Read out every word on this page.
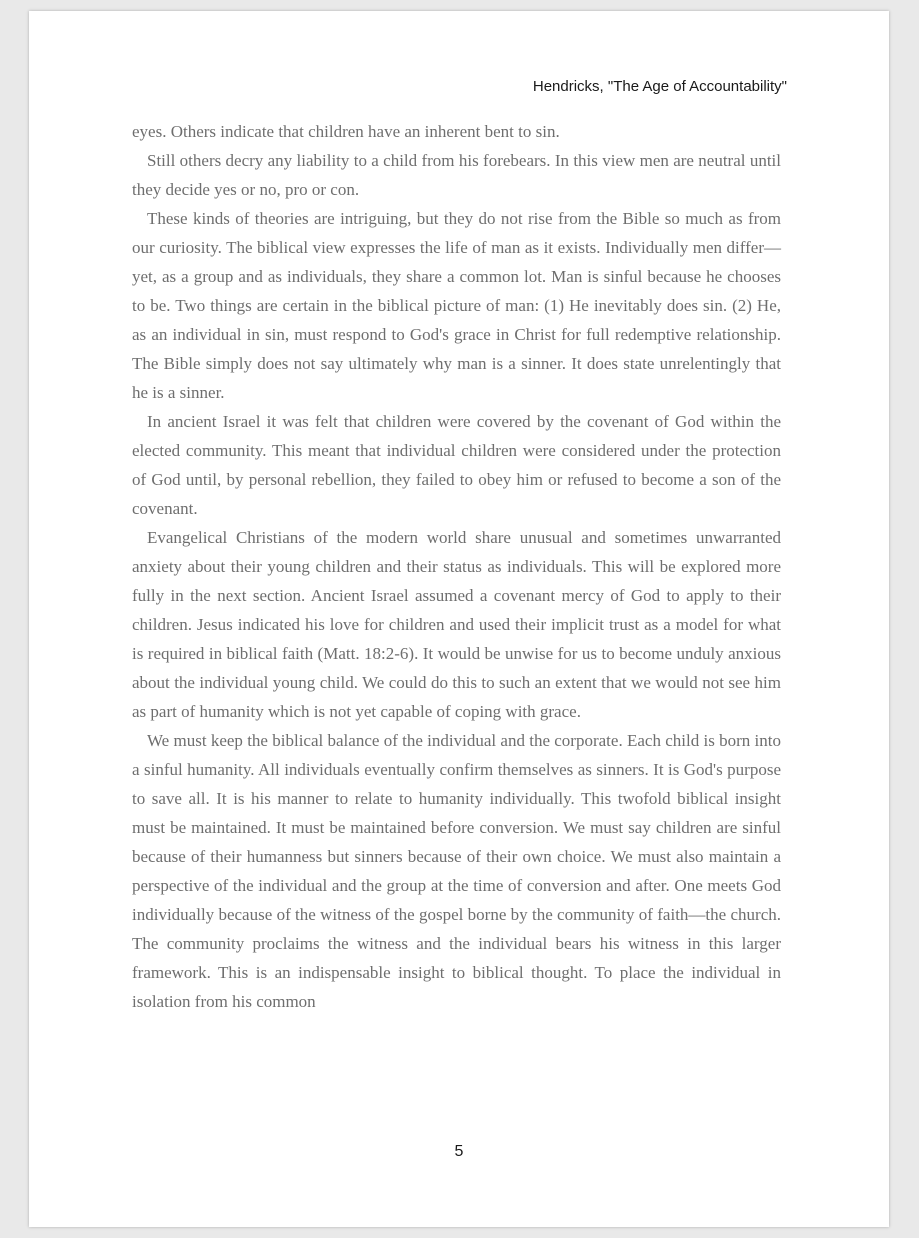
Hendricks, "The Age of Accountability"

eyes. Others indicate that children have an inherent bent to sin.

Still others decry any liability to a child from his forebears. In this view men are neutral until they decide yes or no, pro or con.

These kinds of theories are intriguing, but they do not rise from the Bible so much as from our curiosity. The biblical view expresses the life of man as it exists. Individually men differ—yet, as a group and as individuals, they share a common lot. Man is sinful because he chooses to be. Two things are certain in the biblical picture of man: (1) He inevitably does sin. (2) He, as an individual in sin, must respond to God's grace in Christ for full redemptive relationship. The Bible simply does not say ultimately why man is a sinner. It does state unrelentingly that he is a sinner.

In ancient Israel it was felt that children were covered by the covenant of God within the elected community. This meant that individual children were considered under the protection of God until, by personal rebellion, they failed to obey him or refused to become a son of the covenant.

Evangelical Christians of the modern world share unusual and sometimes unwarranted anxiety about their young children and their status as individuals. This will be explored more fully in the next section. Ancient Israel assumed a covenant mercy of God to apply to their children. Jesus indicated his love for children and used their implicit trust as a model for what is required in biblical faith (Matt. 18:2-6). It would be unwise for us to become unduly anxious about the individual young child. We could do this to such an extent that we would not see him as part of humanity which is not yet capable of coping with grace.

We must keep the biblical balance of the individual and the corporate. Each child is born into a sinful humanity. All individuals eventually confirm themselves as sinners. It is God's purpose to save all. It is his manner to relate to humanity individually. This twofold biblical insight must be maintained. It must be maintained before conversion. We must say children are sinful because of their humanness but sinners because of their own choice. We must also maintain a perspective of the individual and the group at the time of conversion and after. One meets God individually because of the witness of the gospel borne by the community of faith—the church. The community proclaims the witness and the individual bears his witness in this larger framework. This is an indispensable insight to biblical thought. To place the individual in isolation from his common

5
